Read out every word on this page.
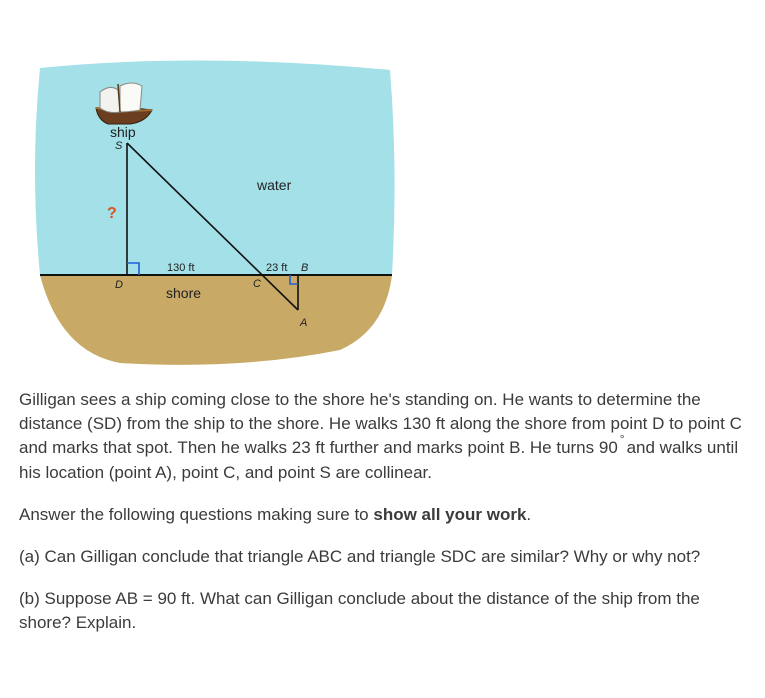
ship
S
water
?
130 ft	23 ft B
D	C
shore
A

Gilligan sees a ship coming close to the shore he's standing on. He wants to determine the distance (SD) from the ship to the shore. He walks 130 ft along the shore from point D to point C and marks that spot. Then he walks 23 ft further and marks point B. He turns 90 ° and walks until his location (point A), point C, and point S are collinear.

Answer the following questions making sure to show all your work.

(a) Can Gilligan conclude that triangle ABC and triangle SDC are similar? Why or why not?

(b) Suppose AB = 90 ft. What can Gilligan conclude about the distance of the ship from the shore? Explain.
